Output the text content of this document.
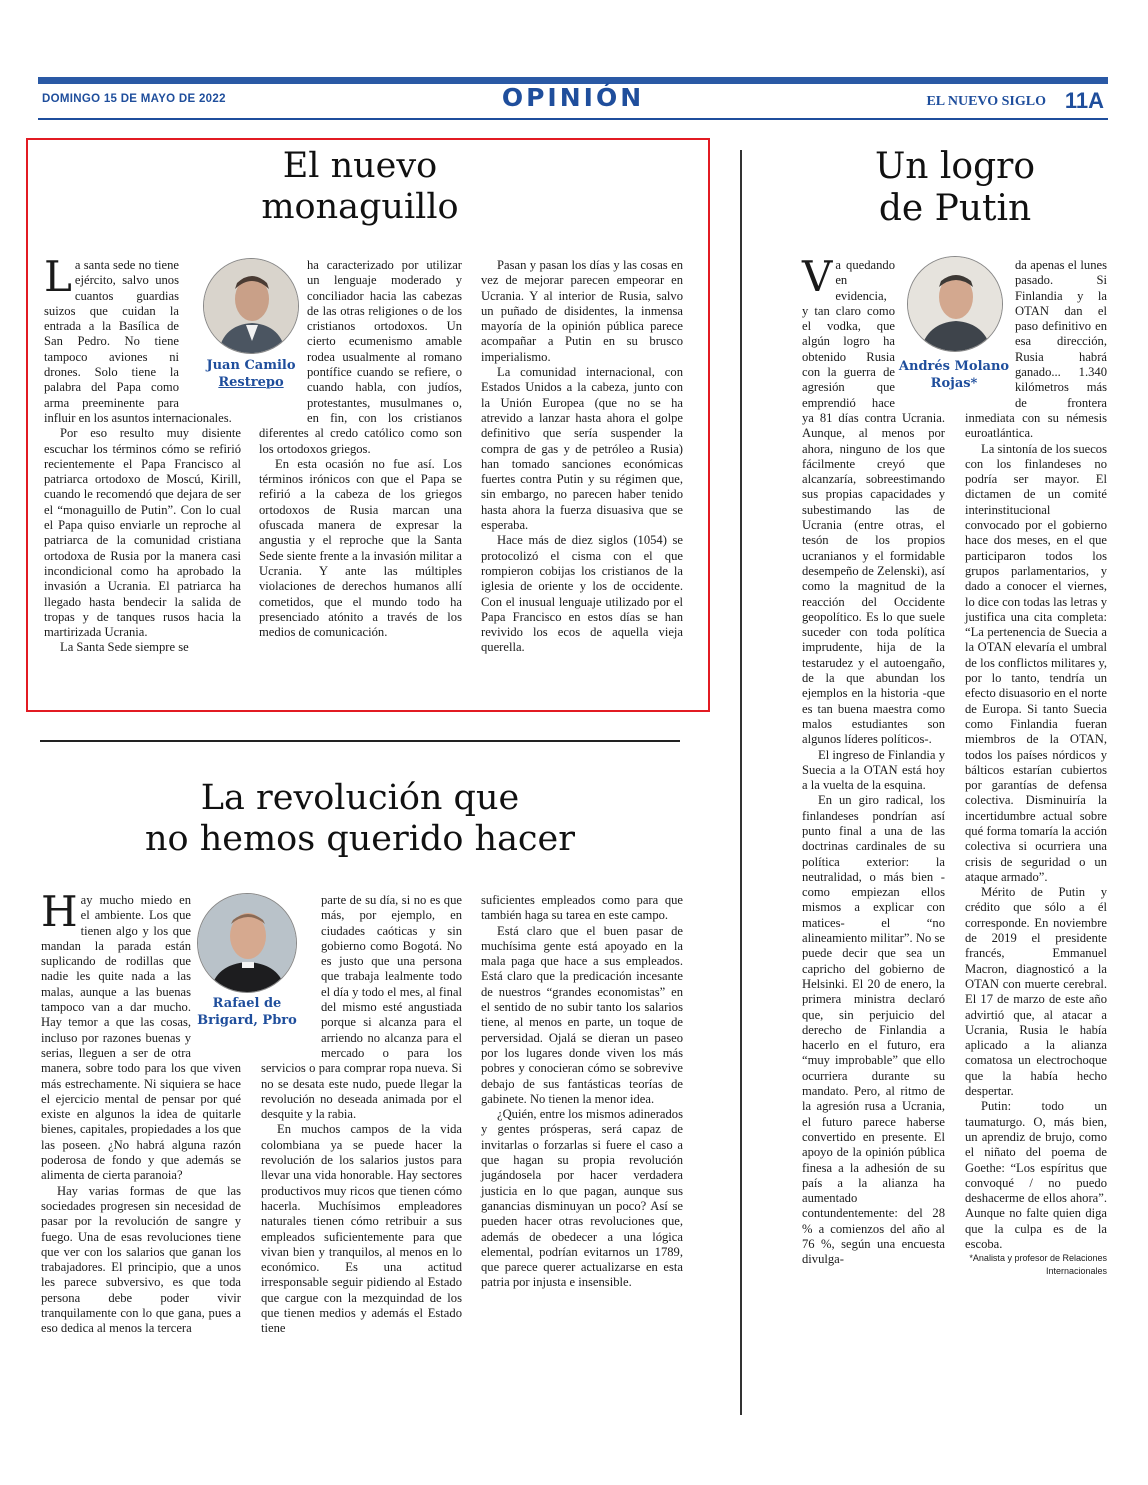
DOMINGO 15 DE MAYO DE 2022	OPINIÓN	EL NUEVO SIGLO 11A
El nuevo
monaguillo

La santa sede no tiene ejército, salvo unos cuantos guardias suizos que cuidan la entrada a la Basílica de San Pedro. No tiene tampoco aviones ni drones. Solo tiene la palabra del Papa como arma preeminente para influir en los asuntos internacionales.

Por eso resulto muy disiente escuchar los términos cómo se refirió recientemente el Papa Francisco al patriarca ortodoxo de Moscú, Kirill, cuando le recomendó que dejara de ser el “monaguillo de Putin”. Con lo cual el Papa quiso enviarle un reproche al patriarca de la comunidad cristiana ortodoxa de Rusia por la manera casi incondicional como ha aprobado la invasión a Ucrania. El patriarca ha llegado hasta bendecir la salida de tropas y de tanques rusos hacia la martirizada Ucrania.

La Santa Sede siempre se

Juan Camilo
Restrepo

ha caracterizado por utilizar un lenguaje moderado y conciliador hacia las cabezas de las otras religiones o de los cristianos ortodoxos. Un cierto ecumenismo amable rodea usualmente al romano pontífice cuando se refiere, o cuando habla, con judíos, protestantes, musulmanes o, en fin, con los cristianos diferentes al credo católico como son los ortodoxos griegos.

En esta ocasión no fue así. Los términos irónicos con que el Papa se refirió a la cabeza de los griegos ortodoxos de Rusia marcan una ofuscada manera de expresar la angustia y el reproche que la Santa Sede siente frente a la invasión militar a Ucrania. Y ante las múltiples violaciones de derechos humanos allí cometidos, que el mundo todo ha presenciado atónito a través de los medios de comunicación.

Pasan y pasan los días y las cosas en vez de mejorar parecen empeorar en Ucrania. Y al interior de Rusia, salvo un puñado de disidentes, la inmensa mayoría de la opinión pública parece acompañar a Putin en su brusco imperialismo.

La comunidad internacional, con Estados Unidos a la cabeza, junto con la Unión Europea (que no se ha atrevido a lanzar hasta ahora el golpe definitivo que sería suspender la compra de gas y de petróleo a Rusia) han tomado sanciones económicas fuertes contra Putin y su régimen que, sin embargo, no parecen haber tenido hasta ahora la fuerza disuasiva que se esperaba.

Hace más de diez siglos (1054) se protocolizó el cisma con el que rompieron cobijas los cristianos de la iglesia de oriente y los de occidente. Con el inusual lenguaje utilizado por el Papa Francisco en estos días se han revivido los ecos de aquella vieja querella.

La revolución que
no hemos querido hacer

Hay mucho miedo en el ambiente. Los que tienen algo y los que mandan la parada están suplicando de rodillas que nadie les quite nada a las malas, aunque a las buenas tampoco van a dar mucho. Hay temor a que las cosas, incluso por razones buenas y serias, lleguen a ser de otra manera, sobre todo para los que viven más estrechamente. Ni siquiera se hace el ejercicio mental de pensar por qué existe en algunos la idea de quitarle bienes, capitales, propiedades a los que las poseen. ¿No habrá alguna razón poderosa de fondo y que además se alimenta de cierta paranoia?

Hay varias formas de que las sociedades progresen sin necesidad de pasar por la revolución de sangre y fuego. Una de esas revoluciones tiene que ver con los salarios que ganan los trabajadores. El principio, que a unos les parece subversivo, es que toda persona debe poder vivir tranquilamente con lo que gana, pues a eso dedica al menos la tercera

Rafael de
Brigard, Pbro

parte de su día, si no es que más, por ejemplo, en ciudades caóticas y sin gobierno como Bogotá. No es justo que una persona que trabaja lealmente todo el día y todo el mes, al final del mismo esté angustiada porque si alcanza para el arriendo no alcanza para el mercado o para los servicios o para comprar ropa nueva. Si no se desata este nudo, puede llegar la revolución no deseada animada por el desquite y la rabia.

En muchos campos de la vida colombiana ya se puede hacer la revolución de los salarios justos para llevar una vida honorable. Hay sectores productivos muy ricos que tienen cómo hacerla. Muchísimos empleadores naturales tienen cómo retribuir a sus empleados suficientemente para que vivan bien y tranquilos, al menos en lo económico. Es una actitud irresponsable seguir pidiendo al Estado que cargue con la mezquindad de los que tienen medios y además el Estado tiene

suficientes empleados como para que también haga su tarea en este campo.

Está claro que el buen pasar de muchísima gente está apoyado en la mala paga que hace a sus empleados. Está claro que la predicación incesante de nuestros “grandes economistas” en el sentido de no subir tanto los salarios tiene, al menos en parte, un toque de perversidad. Ojalá se dieran un paseo por los lugares donde viven los más pobres y conocieran cómo se sobrevive debajo de sus fantásticas teorías de gabinete. No tienen la menor idea.

¿Quién, entre los mismos adinerados y gentes prósperas, será capaz de invitarlas o forzarlas si fuere el caso a que hagan su propia revolución jugándosela por hacer verdadera justicia en lo que pagan, aunque sus ganancias disminuyan un poco? Así se pueden hacer otras revoluciones que, además de obedecer a una lógica elemental, podrían evitarnos un 1789, que parece querer actualizarse en esta patria por injusta e insensible.

Un logro
de Putin

Va quedando en evidencia, y tan claro como el vodka, que algún logro ha obtenido Rusia con la guerra de agresión que emprendió hace ya 81 días contra Ucrania. Aunque, al menos por ahora, ninguno de los que fácilmente creyó que alcanzaría, sobreestimando sus propias capacidades y subestimando las de Ucrania (entre otras, el tesón de los propios ucranianos y el formidable desempeño de Zelenski), así como la magnitud de la reacción del Occidente geopolítico. Es lo que suele suceder con toda política imprudente, hija de la testarudez y el autoengaño, de la que abundan los ejemplos en la historia -que es tan buena maestra como malos estudiantes son algunos líderes políticos-.

El ingreso de Finlandia y Suecia a la OTAN está hoy a la vuelta de la esquina.

En un giro radical, los finlandeses pondrían así punto final a una de las doctrinas cardinales de su política exterior: la neutralidad, o más bien -como empiezan ellos mismos a explicar con matices- el “no alineamiento militar”. No se puede decir que sea un capricho del gobierno de Helsinki. El 20 de enero, la primera ministra declaró que, sin perjuicio del derecho de Finlandia a hacerlo en el futuro, era “muy improbable” que ello ocurriera durante su mandato. Pero, al ritmo de la agresión rusa a Ucrania, el futuro parece haberse convertido en presente. El apoyo de la opinión pública finesa a la adhesión de su país a la alianza ha aumentado contundentemente: del 28 % a comienzos del año al 76 %, según una encuesta divulga-

Andrés Molano
Rojas*

da apenas el lunes pasado. Si Finlandia y la OTAN dan el paso definitivo en esa dirección, Rusia habrá ganado... 1.340 kilómetros más de frontera inmediata con su némesis euroatlántica.

La sintonía de los suecos con los finlandeses no podría ser mayor. El dictamen de un comité interinstitucional convocado por el gobierno hace dos meses, en el que participaron todos los grupos parlamentarios, y dado a conocer el viernes, lo dice con todas las letras y justifica una cita completa: “La pertenencia de Suecia a la OTAN elevaría el umbral de los conflictos militares y, por lo tanto, tendría un efecto disuasorio en el norte de Europa. Si tanto Suecia como Finlandia fueran miembros de la OTAN, todos los países nórdicos y bálticos estarían cubiertos por garantías de defensa colectiva. Disminuiría la incertidumbre actual sobre qué forma tomaría la acción colectiva si ocurriera una crisis de seguridad o un ataque armado”.

Mérito de Putin y crédito que sólo a él corresponde. En noviembre de 2019 el presidente francés, Emmanuel Macron, diagnosticó a la OTAN con muerte cerebral. El 17 de marzo de este año advirtió que, al atacar a Ucrania, Rusia le había aplicado a la alianza comatosa un electrochoque que la había hecho despertar.

Putin: todo un taumaturgo. O, más bien, un aprendiz de brujo, como el niñato del poema de Goethe: “Los espíritus que convoqué / no puedo deshacerme de ellos ahora”. Aunque no falte quien diga que la culpa es de la escoba.

*Analista y profesor de Relaciones Internacionales
